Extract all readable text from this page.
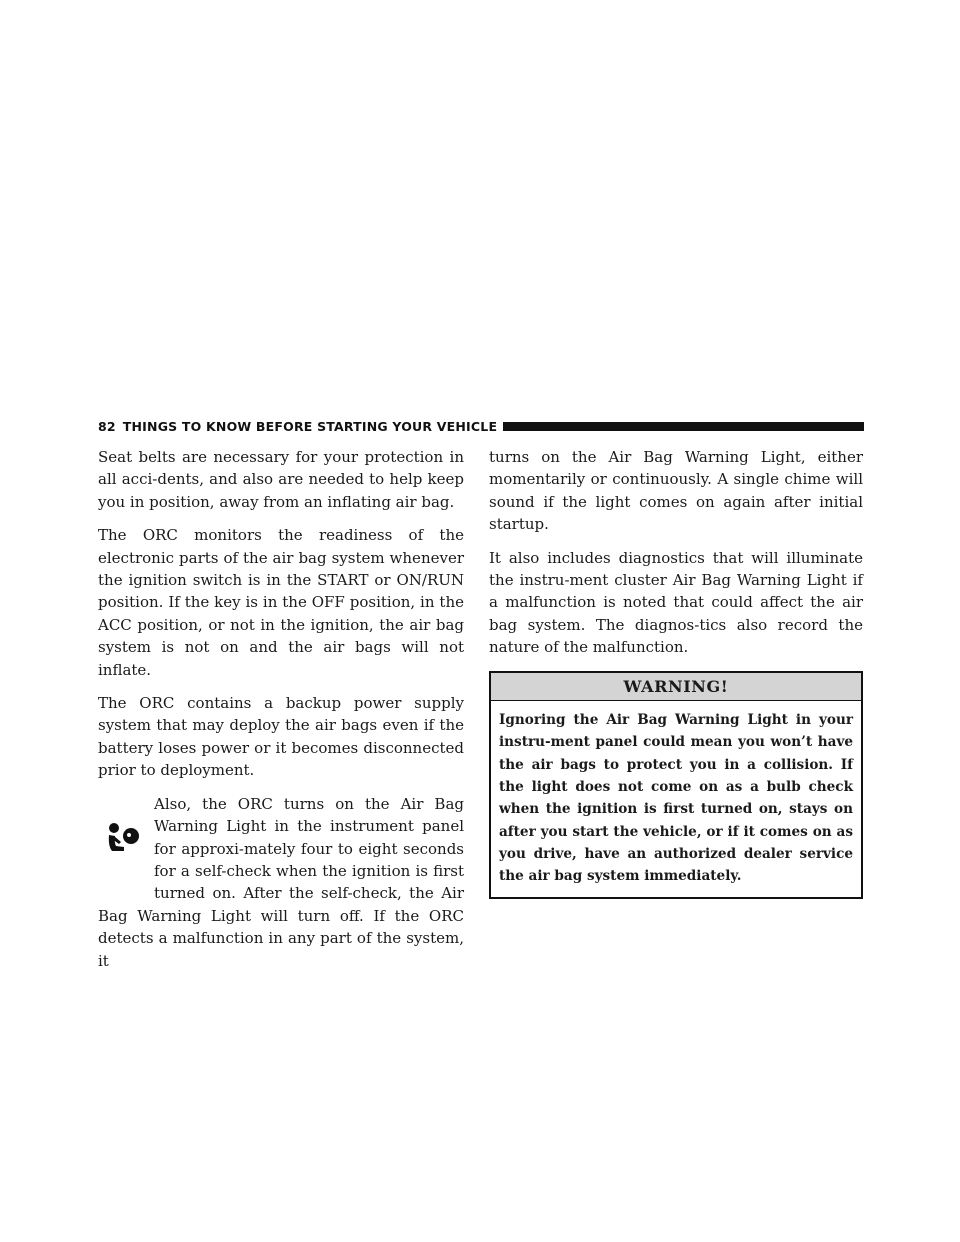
82 THINGS TO KNOW BEFORE STARTING YOUR VEHICLE

Seat belts are necessary for your protection in all acci-dents, and also are needed to help keep you in position, away from an inflating air bag.

The ORC monitors the readiness of the electronic parts of the air bag system whenever the ignition switch is in the START or ON/RUN position. If the key is in the OFF position, in the ACC position, or not in the ignition, the air bag system is not on and the air bags will not inflate.

The ORC contains a backup power supply system that may deploy the air bags even if the battery loses power or it becomes disconnected prior to deployment.

Also, the ORC turns on the Air Bag Warning Light in the instrument panel for approxi-mately four to eight seconds for a self-check when the ignition is first turned on. After the self-check, the Air Bag Warning Light will turn off. If the ORC detects a malfunction in any part of the system, it

turns on the Air Bag Warning Light, either momentarily or continuously. A single chime will sound if the light comes on again after initial startup.

It also includes diagnostics that will illuminate the instru-ment cluster Air Bag Warning Light if a malfunction is noted that could affect the air bag system. The diagnos-tics also record the nature of the malfunction.

WARNING!
Ignoring the Air Bag Warning Light in your instru-ment panel could mean you won’t have the air bags to protect you in a collision. If the light does not come on as a bulb check when the ignition is first turned on, stays on after you start the vehicle, or if it comes on as you drive, have an authorized dealer service the air bag system immediately.
